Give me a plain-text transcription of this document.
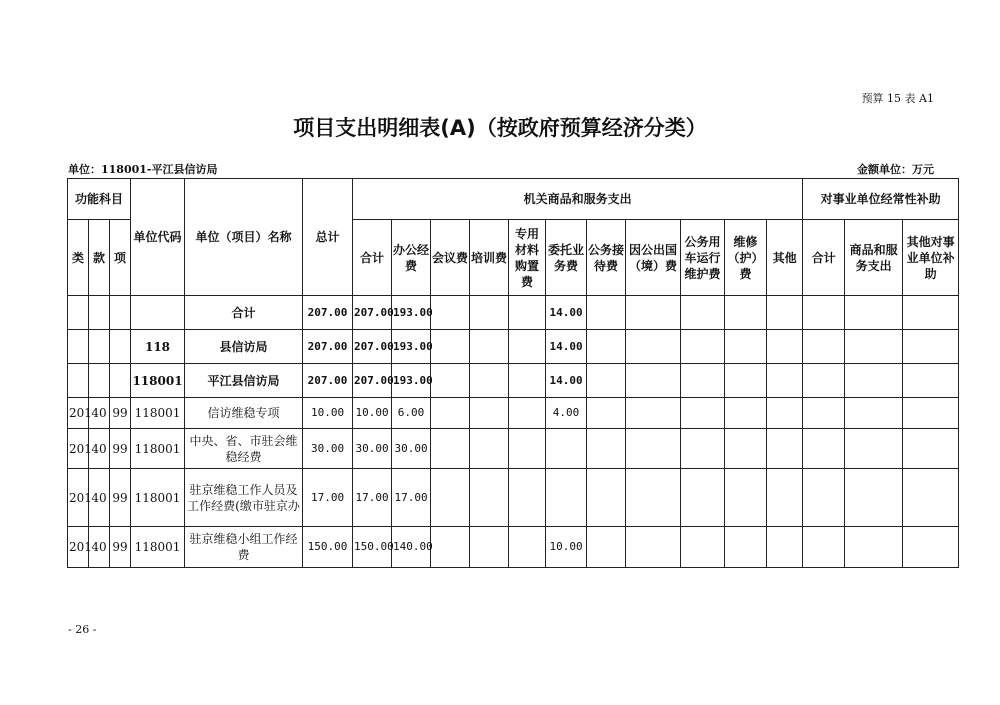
预算 15 表 A1
项目支出明细表(A)（按政府预算经济分类）
单位：118001-平江县信访局	金额单位：万元
功能科目			单位代码	单位（项目）名称	总计	机关商品和服务支出											对事业单位经常性补助		
类	款	项				合计	办公经费	会议费	培训费	专用材料购置费	委托业务费	公务接待费	因公出国（境）费	公务用车运行维护费	维修（护）费	其他	合计	商品和服务支出	其他对事业单位补助
				合计	207.00	207.00	193.00				14.00								
			118	县信访局	207.00	207.00	193.00				14.00								
			118001	平江县信访局	207.00	207.00	193.00				14.00								
201	40	99	118001	信访维稳专项	10.00	10.00	6.00				4.00								
201	40	99	118001	中央、省、市驻会维稳经费	30.00	30.00	30.00												
201	40	99	118001	驻京维稳工作人员及工作经费(缴市驻京办	17.00	17.00	17.00												
201	40	99	118001	驻京维稳小组工作经费	150.00	150.00	140.00				10.00								
- 26 -
